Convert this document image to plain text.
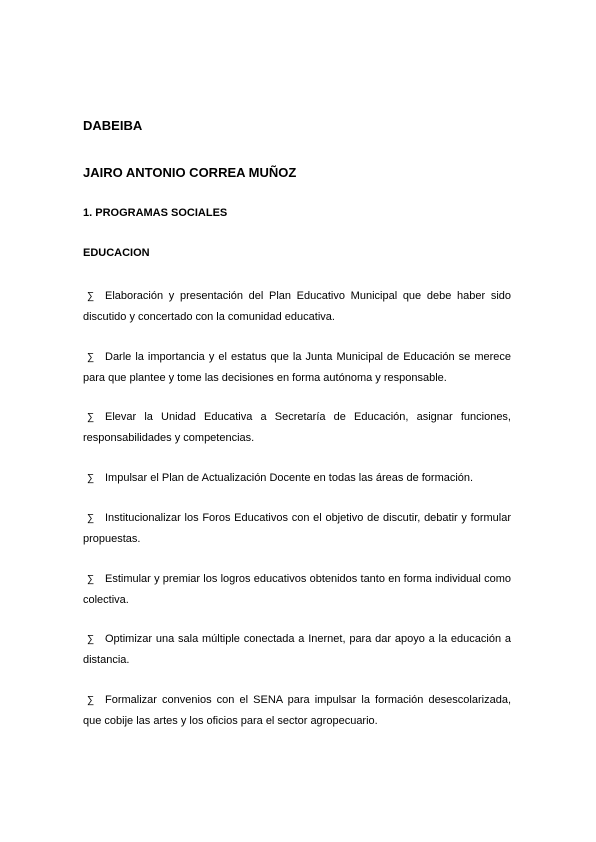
DABEIBA
JAIRO ANTONIO CORREA MUÑOZ
1. PROGRAMAS SOCIALES
EDUCACION
∑ Elaboración y presentación del Plan Educativo Municipal que debe haber sido discutido y concertado con la comunidad educativa.
∑ Darle la importancia y el estatus que la Junta Municipal de Educación se merece para que plantee y tome las decisiones en forma autónoma y responsable.
∑ Elevar la Unidad Educativa a Secretaría de Educación, asignar funciones, responsabilidades y competencias.
∑ Impulsar el Plan de Actualización Docente en todas las áreas de formación.
∑ Institucionalizar los Foros Educativos con el objetivo de discutir, debatir y formular propuestas.
∑ Estimular y premiar los logros educativos obtenidos tanto en forma individual como colectiva.
∑ Optimizar una sala múltiple conectada a Inernet, para dar apoyo a la educación a distancia.
∑ Formalizar convenios con el SENA para impulsar la formación desescolarizada, que cobije las artes y los oficios para el sector agropecuario.
